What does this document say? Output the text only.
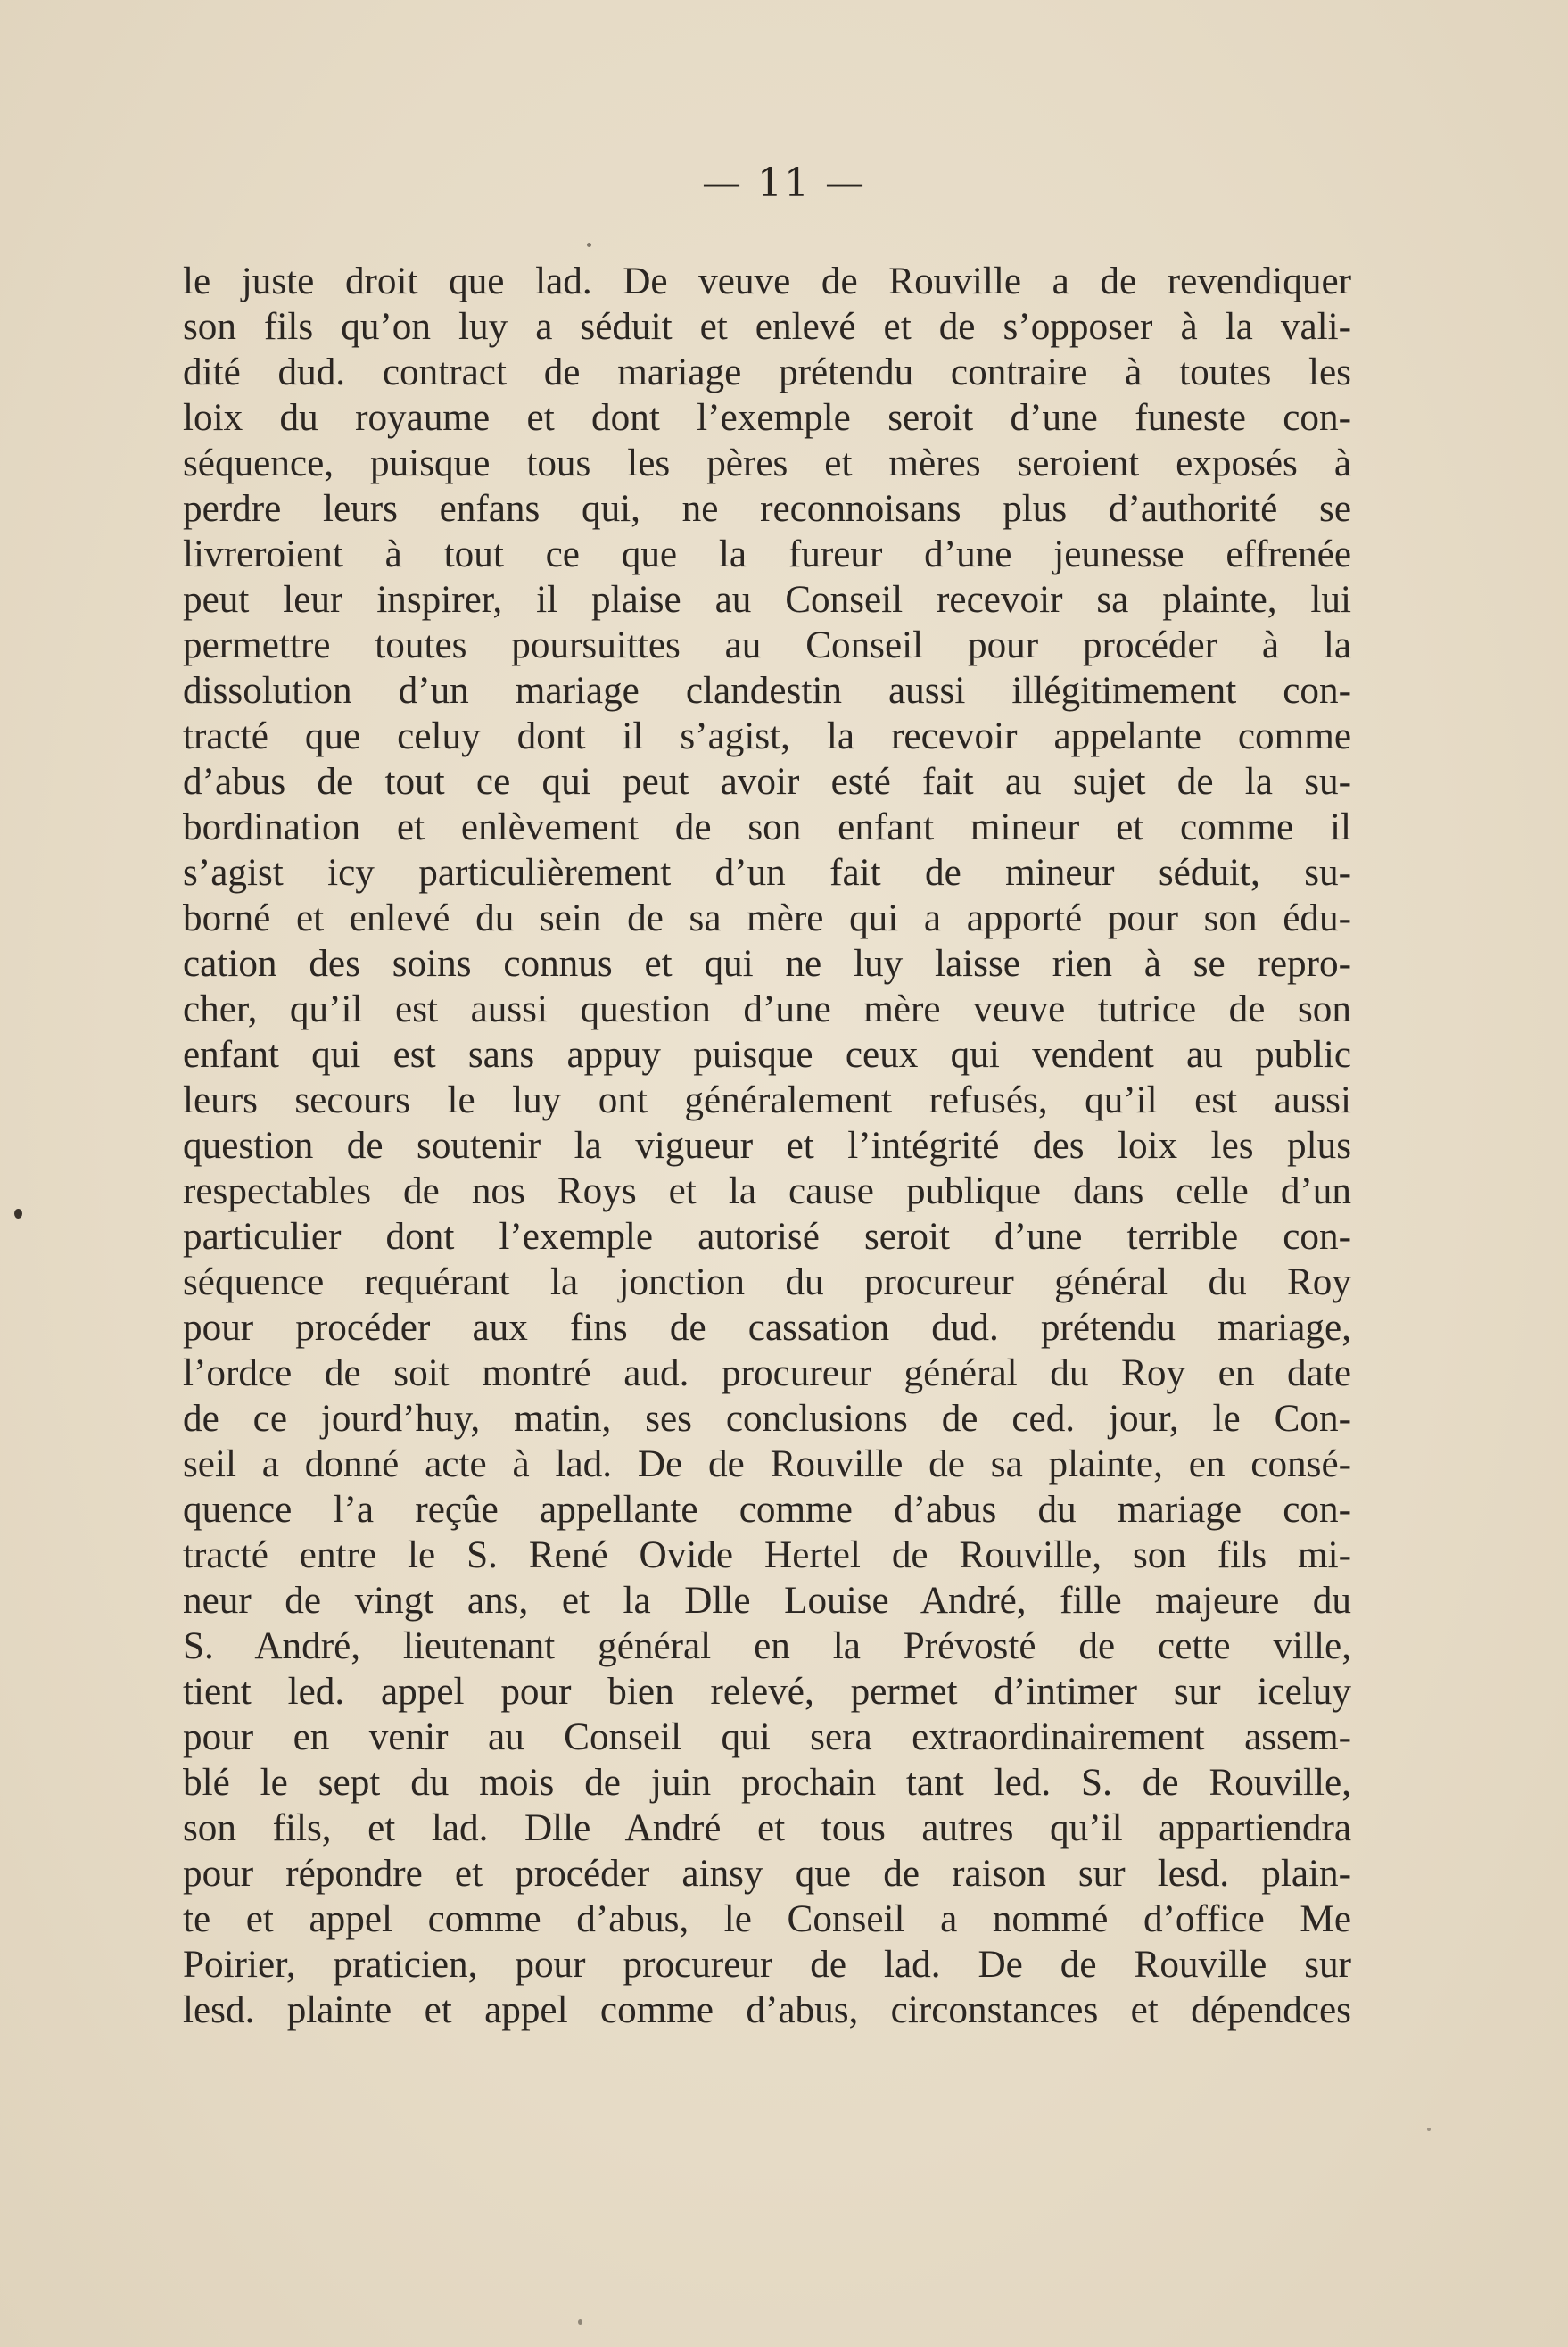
— 11 —
le juste droit que lad. De veuve de Rouville a de revendiquer
son fils qu’on luy a séduit et enlevé et de s’opposer à la vali-
dité dud. contract de mariage prétendu contraire à toutes les
loix du royaume et dont l’exemple seroit d’une funeste con-
séquence, puisque tous les pères et mères seroient exposés à
perdre leurs enfans qui, ne reconnoisans plus d’authorité se
livreroient à tout ce que la fureur d’une jeunesse effrenée
peut leur inspirer, il plaise au Conseil recevoir sa plainte, lui
permettre toutes poursuittes au Conseil pour procéder à la
dissolution d’un mariage clandestin aussi illégitimement con-
tracté que celuy dont il s’agist, la recevoir appelante comme
d’abus de tout ce qui peut avoir esté fait au sujet de la su-
bordination et enlèvement de son enfant mineur et comme il
s’agist icy particulièrement d’un fait de mineur séduit, su-
borné et enlevé du sein de sa mère qui a apporté pour son édu-
cation des soins connus et qui ne luy laisse rien à se repro-
cher, qu’il est aussi question d’une mère veuve tutrice de son
enfant qui est sans appuy puisque ceux qui vendent au public
leurs secours le luy ont généralement refusés, qu’il est aussi
question de soutenir la vigueur et l’intégrité des loix les plus
respectables de nos Roys et la cause publique dans celle d’un
particulier dont l’exemple autorisé seroit d’une terrible con-
séquence requérant la jonction du procureur général du Roy
pour procéder aux fins de cassation dud. prétendu mariage,
l’ordce de soit montré aud. procureur général du Roy en date
de ce jourd’huy, matin, ses conclusions de ced. jour, le Con-
seil a donné acte à lad. De de Rouville de sa plainte, en consé-
quence l’a reçûe appellante comme d’abus du mariage con-
tracté entre le S. René Ovide Hertel de Rouville, son fils mi-
neur de vingt ans, et la Dlle Louise André, fille majeure du
S. André, lieutenant général en la Prévosté de cette ville,
tient led. appel pour bien relevé, permet d’intimer sur iceluy
pour en venir au Conseil qui sera extraordinairement assem-
blé le sept du mois de juin prochain tant led. S. de Rouville,
son fils, et lad. Dlle André et tous autres qu’il appartiendra
pour répondre et procéder ainsy que de raison sur lesd. plain-
te et appel comme d’abus, le Conseil a nommé d’office Me
Poirier, praticien, pour procureur de lad. De de Rouville sur
lesd. plainte et appel comme d’abus, circonstances et dépendces
